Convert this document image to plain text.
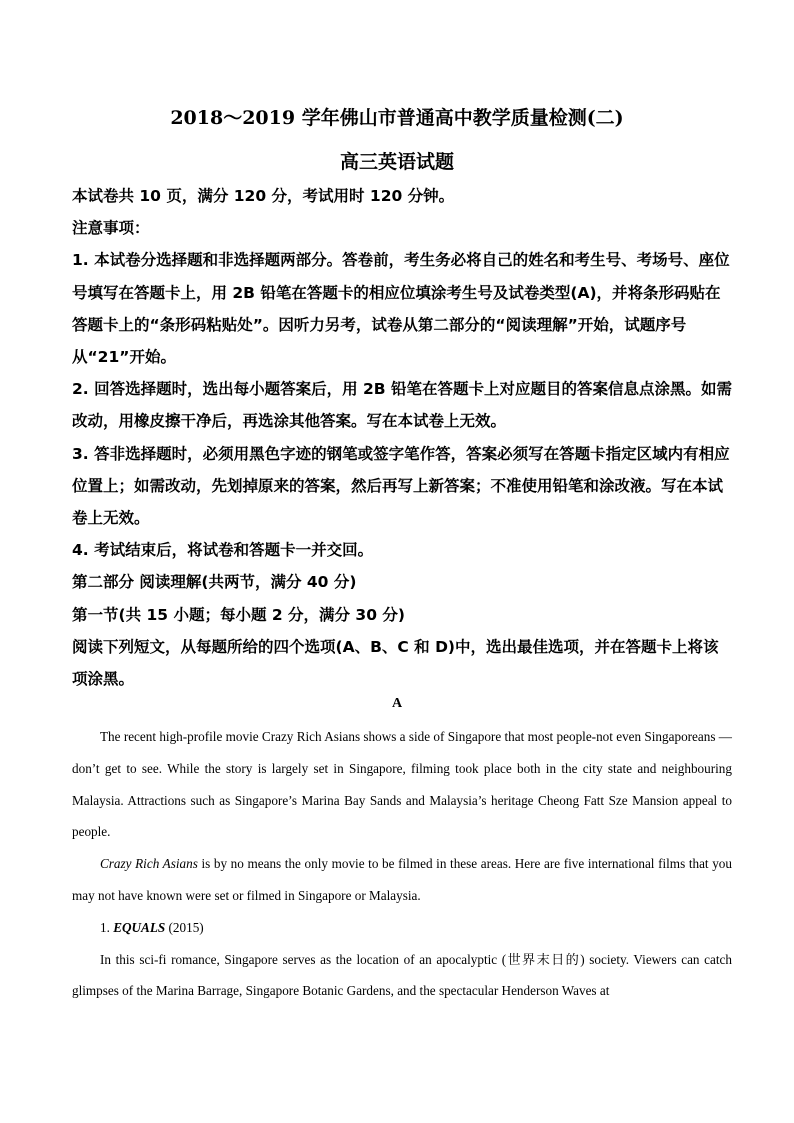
2018～2019 学年佛山市普通高中教学质量检测(二)
高三英语试题

本试卷共 10 页，满分 120 分，考试用时 120 分钟。

注意事项：

1. 本试卷分选择题和非选择题两部分。答卷前，考生务必将自己的姓名和考生号、考场号、座位号填写在答题卡上，用 2B 铅笔在答题卡的相应位填涂考生号及试卷类型(A)，并将条形码贴在答题卡上的“条形码粘贴处”。因听力另考，试卷从第二部分的“阅读理解”开始，试题序号从“21”开始。

2. 回答选择题时，选出每小题答案后，用 2B 铅笔在答题卡上对应题目的答案信息点涂黑。如需改动，用橡皮擦干净后，再选涂其他答案。写在本试卷上无效。

3. 答非选择题时，必须用黑色字迹的钢笔或签字笔作答，答案必须写在答题卡指定区域内有相应位置上；如需改动，先划掉原来的答案，然后再写上新答案；不准使用铅笔和涂改液。写在本试卷上无效。

4. 考试结束后，将试卷和答题卡一并交回。

第二部分 阅读理解(共两节，满分 40 分)

第一节(共 15 小题；每小题 2 分，满分 30 分)

阅读下列短文，从每题所给的四个选项(A、B、C 和 D)中，选出最佳选项，并在答题卡上将该项涂黑。

A

The recent high-profile movie Crazy Rich Asians shows a side of Singapore that most people-not even Singaporeans — don’t get to see. While the story is largely set in Singapore, filming took place both in the city state and neighbouring Malaysia. Attractions such as Singapore’s Marina Bay Sands and Malaysia’s heritage Cheong Fatt Sze Mansion appeal to people.

Crazy Rich Asians is by no means the only movie to be filmed in these areas. Here are five international films that you may not have known were set or filmed in Singapore or Malaysia.

1. EQUALS (2015)

In this sci-fi romance, Singapore serves as the location of an apocalyptic (世界末日的) society. Viewers can catch glimpses of the Marina Barrage, Singapore Botanic Gardens, and the spectacular Henderson Waves at
